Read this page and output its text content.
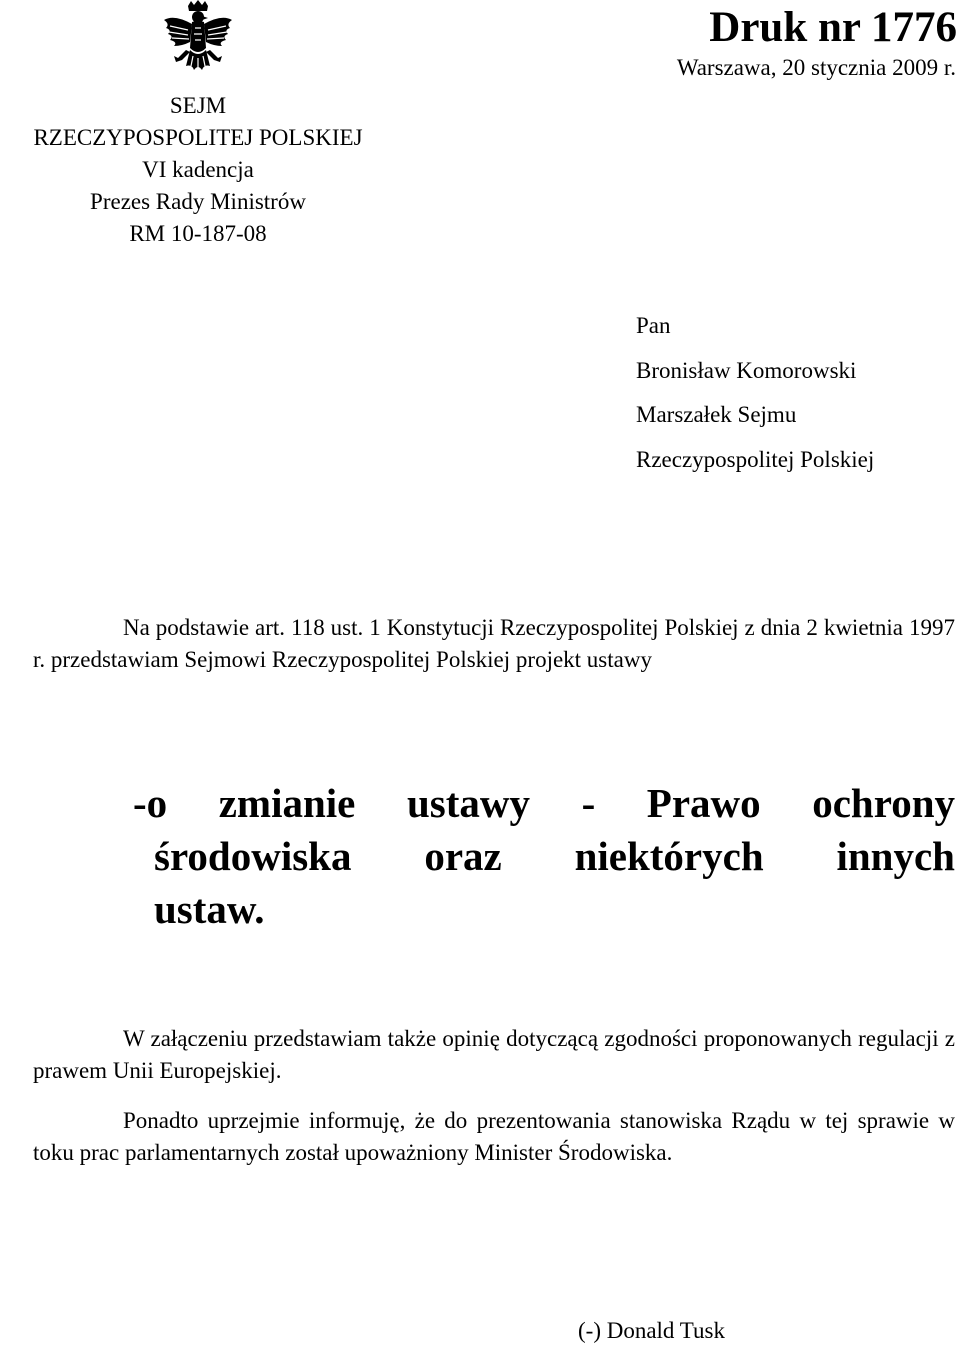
SEJM
RZECZYPOSPOLITEJ POLSKIEJ
VI kadencja
Prezes Rady Ministrów
RM 10-187-08
Druk nr 1776
Warszawa, 20 stycznia 2009 r.
Pan
Bronisław Komorowski
Marszałek Sejmu
Rzeczypospolitej Polskiej
Na podstawie art. 118 ust. 1 Konstytucji Rzeczypospolitej Polskiej z dnia 2 kwietnia 1997 r. przedstawiam Sejmowi Rzeczypospolitej Polskiej projekt ustawy
-o zmianie ustawy - Prawo ochrony
środowiska oraz niektórych innych
ustaw.
W załączeniu przedstawiam także opinię dotyczącą zgodności proponowanych regulacji z prawem Unii Europejskiej.
Ponadto uprzejmie informuję, że do prezentowania stanowiska Rządu w tej sprawie w toku prac parlamentarnych został upoważniony Minister Środowiska.
(-) Donald Tusk
